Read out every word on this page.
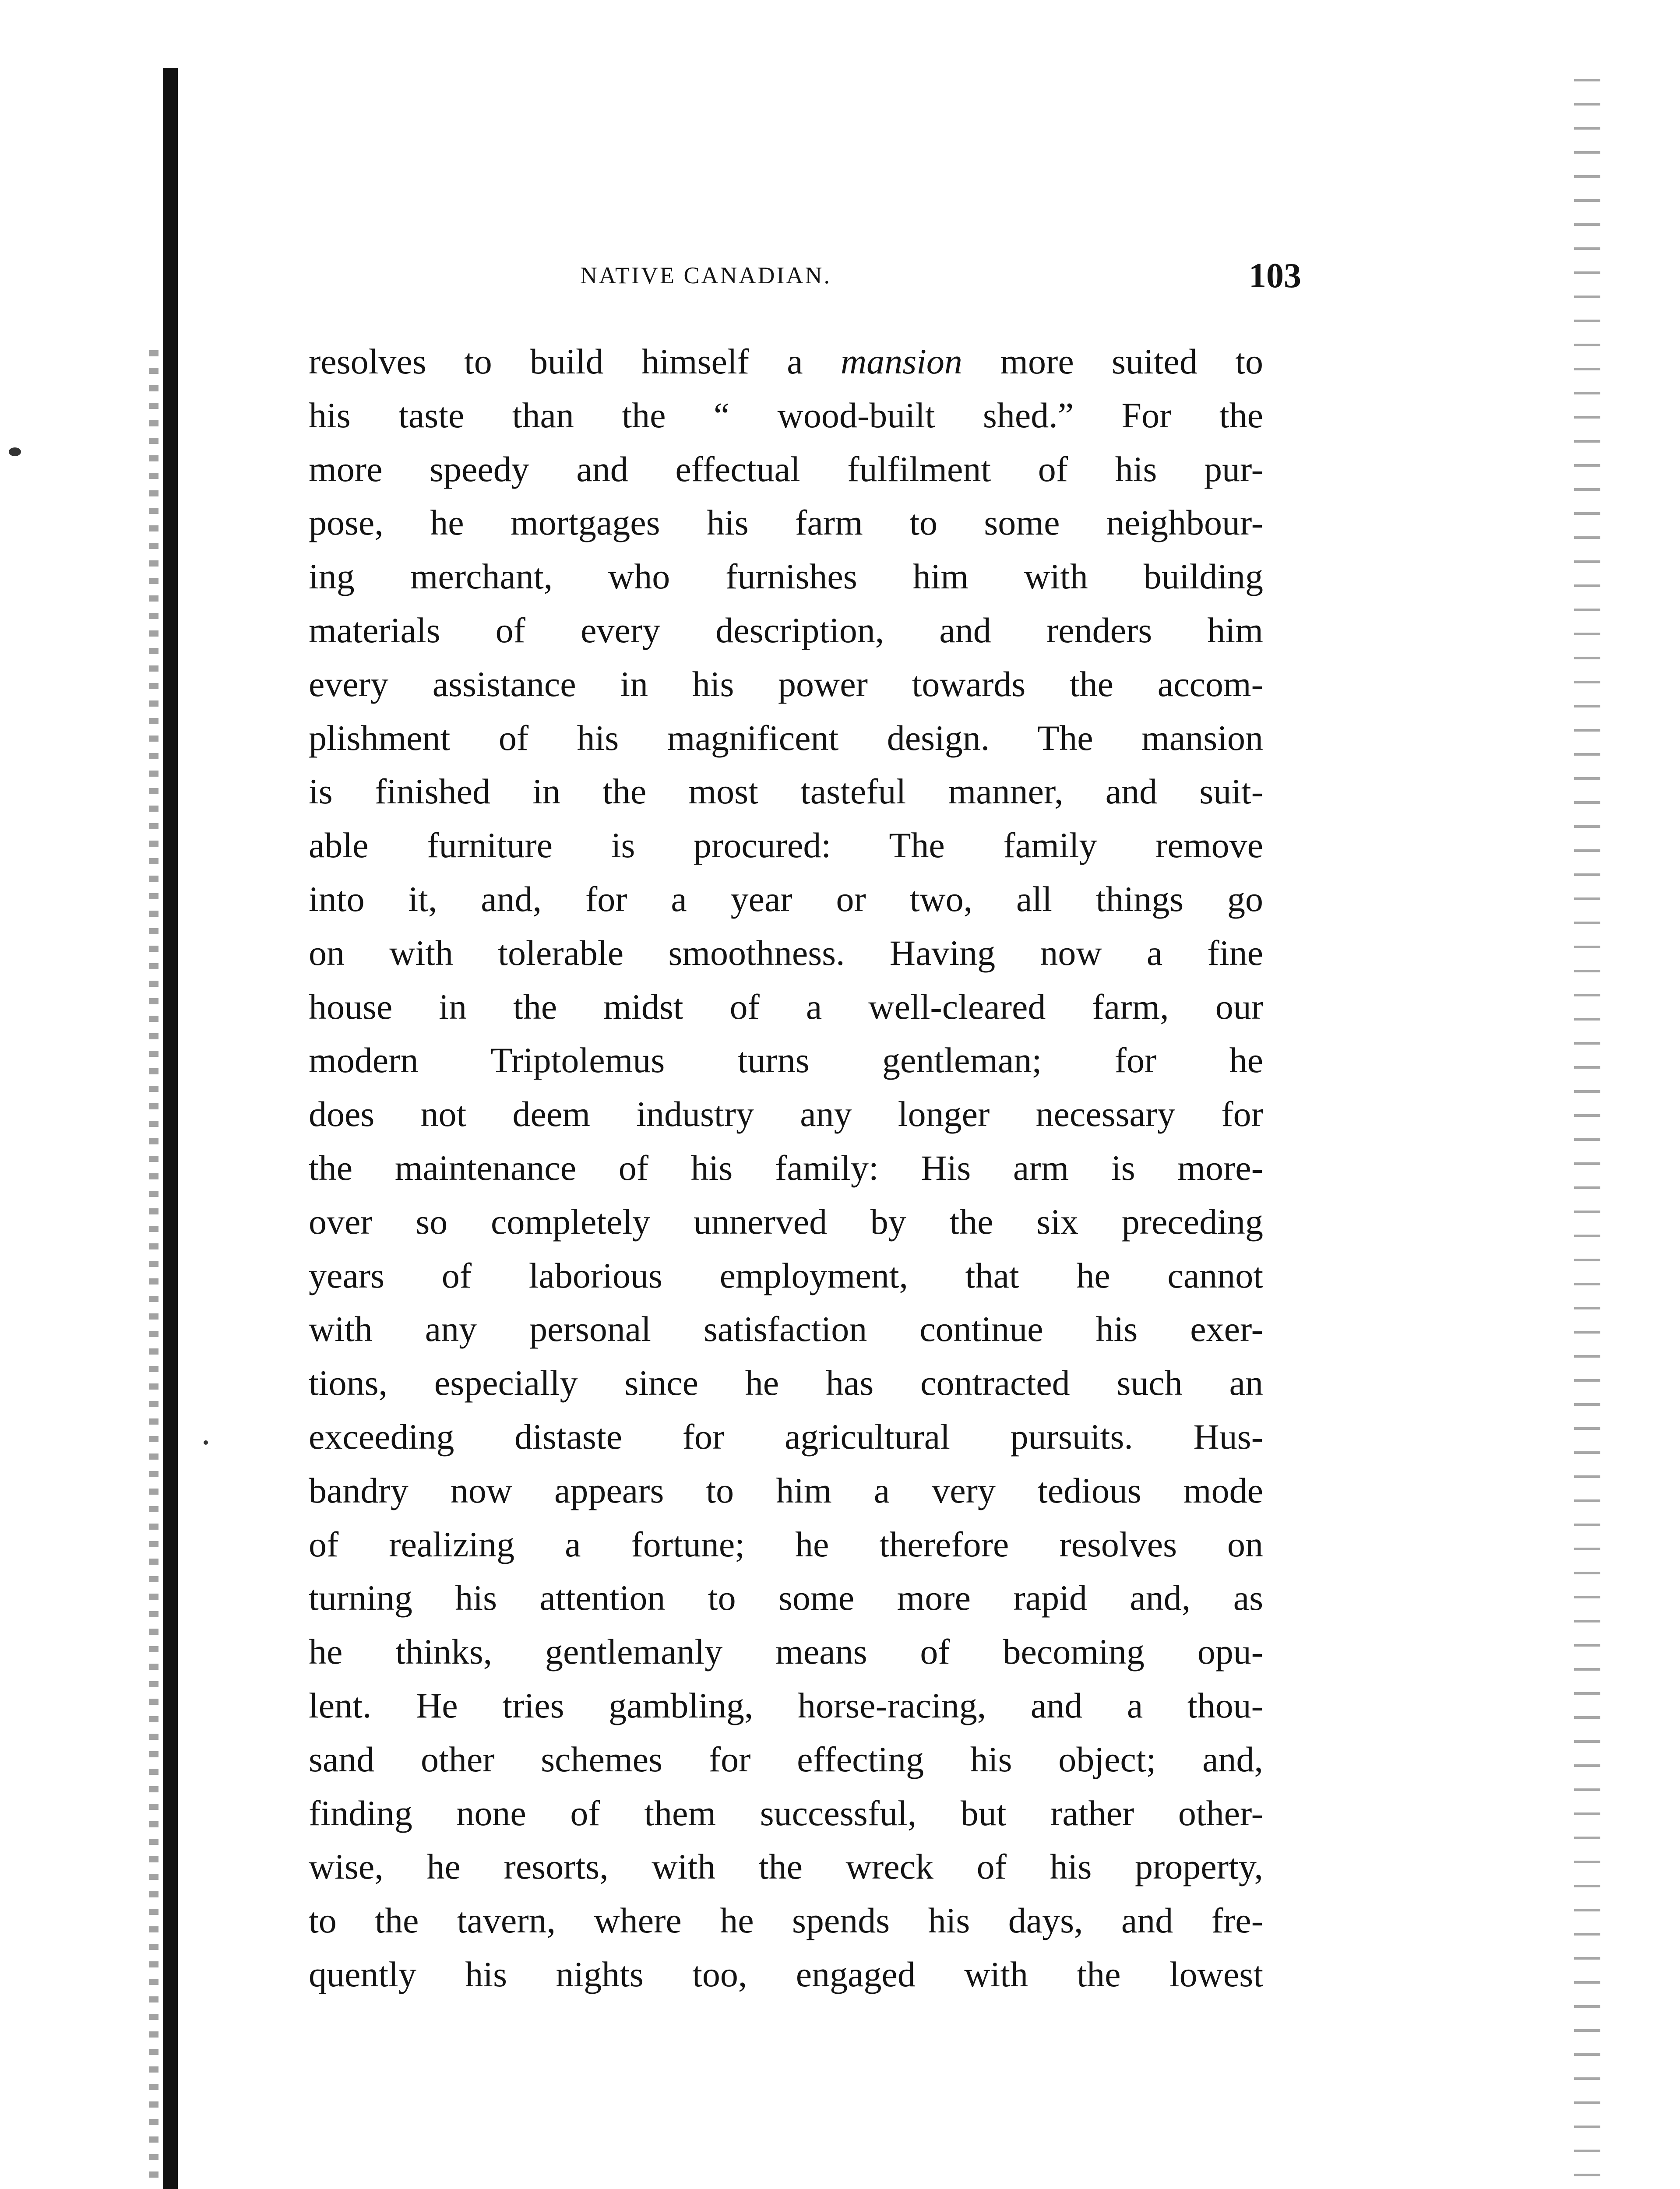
NATIVE CANADIAN.	103
resolves to build himself a mansion more suited to
his taste than the “ wood-built shed.” For the
more speedy and effectual fulfilment of his pur-
pose, he mortgages his farm to some neighbour-
ing merchant, who furnishes him with building
materials of every description, and renders him
every assistance in his power towards the accom-
plishment of his magnificent design. The mansion
is finished in the most tasteful manner, and suit-
able furniture is procured: The family remove
into it, and, for a year or two, all things go
on with tolerable smoothness. Having now a fine
house in the midst of a well-cleared farm, our
modern Triptolemus turns gentleman; for he
does not deem industry any longer necessary for
the maintenance of his family: His arm is more-
over so completely unnerved by the six preceding
years of laborious employment, that he cannot
with any personal satisfaction continue his exer-
tions, especially since he has contracted such an
exceeding distaste for agricultural pursuits. Hus-
bandry now appears to him a very tedious mode
of realizing a fortune; he therefore resolves on
turning his attention to some more rapid and, as
he thinks, gentlemanly means of becoming opu-
lent. He tries gambling, horse-racing, and a thou-
sand other schemes for effecting his object; and,
finding none of them successful, but rather other-
wise, he resorts, with the wreck of his property,
to the tavern, where he spends his days, and fre-
quently his nights too, engaged with the lowest
